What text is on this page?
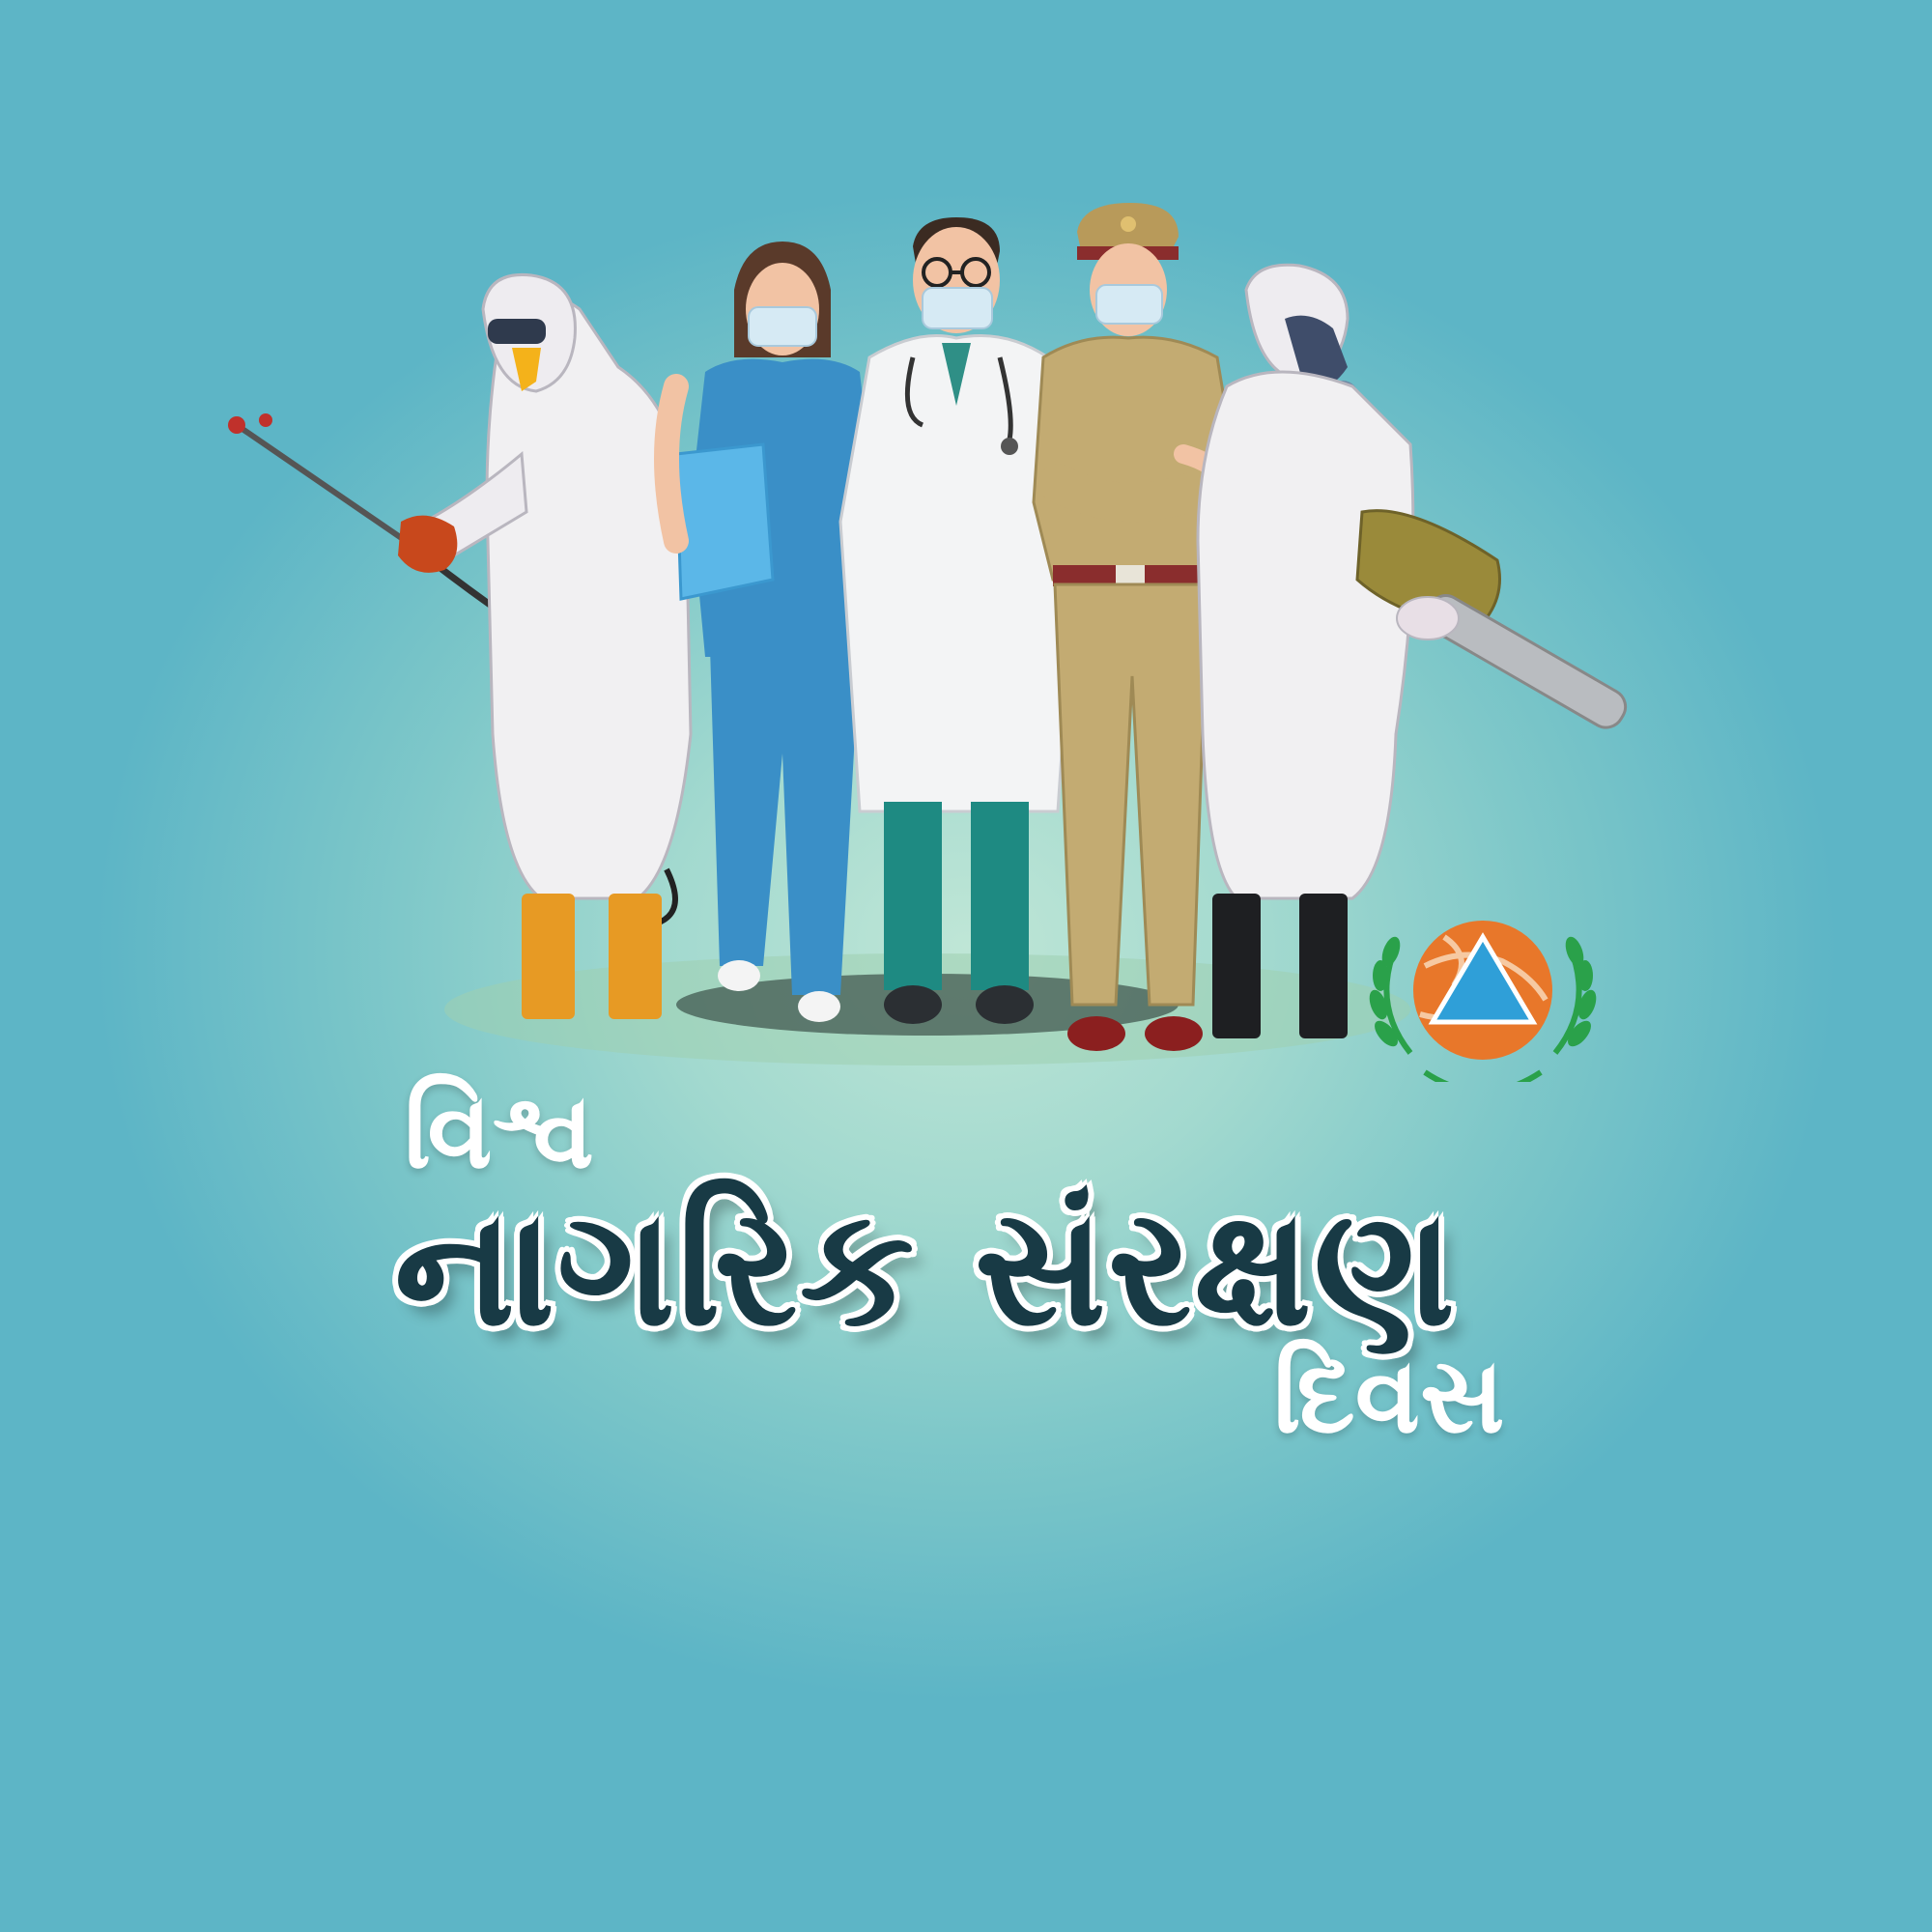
વિશ્વ
નાગરિક સંરક્ષણ
દિવસ
